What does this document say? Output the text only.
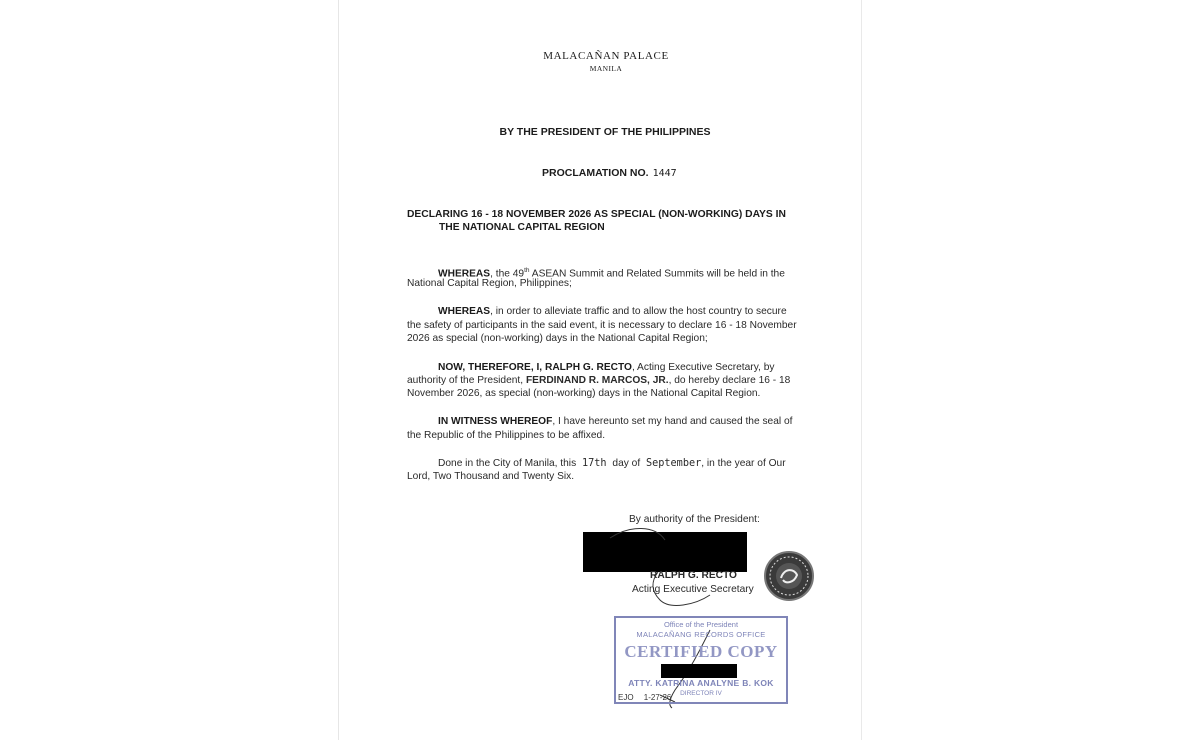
MALACAÑAN PALACE
MANILA
BY THE PRESIDENT OF THE PHILIPPINES
PROCLAMATION NO. 1447
DECLARING 16 - 18 NOVEMBER 2026 AS SPECIAL (NON-WORKING) DAYS IN
THE NATIONAL CAPITAL REGION
WHEREAS, the 49th ASEAN Summit and Related Summits will be held in the
National Capital Region, Philippines;
WHEREAS, in order to alleviate traffic and to allow the host country to secure
the safety of participants in the said event, it is necessary to declare 16 - 18 November
2026 as special (non-working) days in the National Capital Region;
NOW, THEREFORE, I, RALPH G. RECTO, Acting Executive Secretary, by
authority of the President, FERDINAND R. MARCOS, JR., do hereby declare 16 - 18
November 2026, as special (non-working) days in the National Capital Region.
IN WITNESS WHEREOF, I have hereunto set my hand and caused the seal of
the Republic of the Philippines to be affixed.
Done in the City of Manila, this 17th day of September, in the year of Our
Lord, Two Thousand and Twenty Six.
By authority of the President:
RALPH G. RECTO
Acting Executive Secretary
Office of the President
MALACAÑANG RECORDS OFFICE
CERTIFIED COPY
ATTY. KATRINA ANALYNE B. KOK
DIRECTOR IV
EJO 1-27-26
